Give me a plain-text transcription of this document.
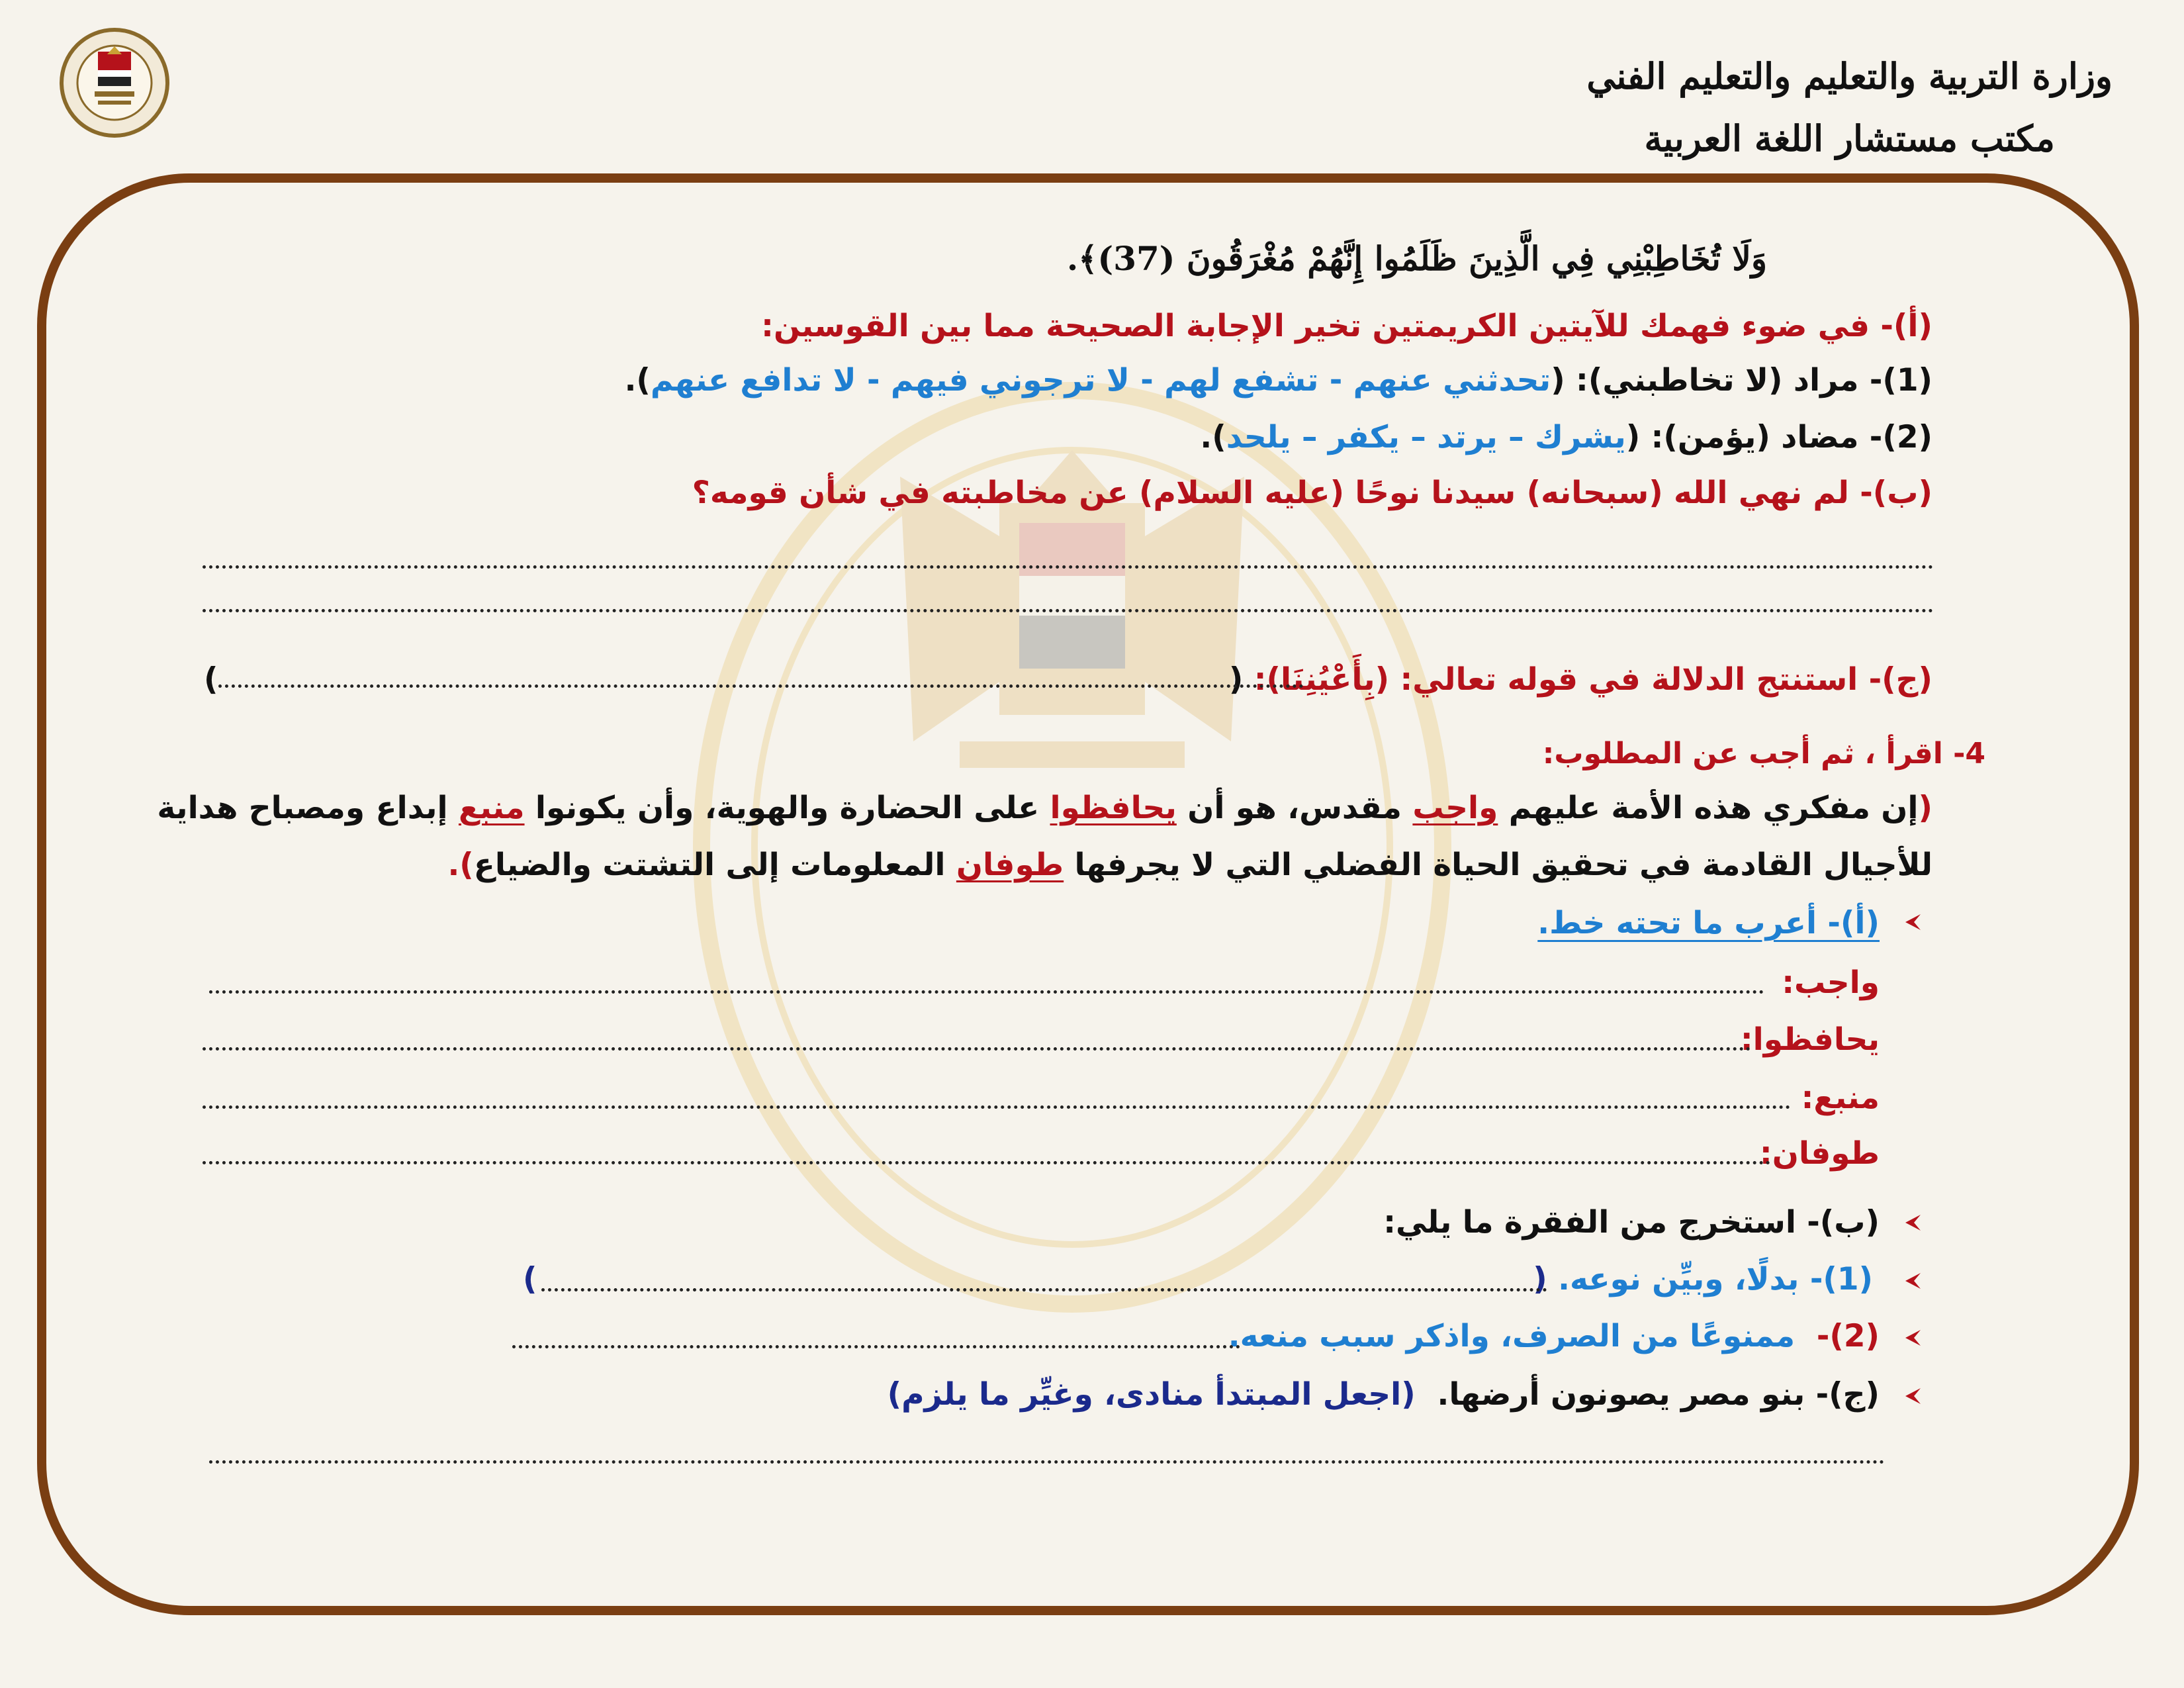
وزارة التربية والتعليم والتعليم الفني
مكتب مستشار اللغة العربية
وَلَا تُخَاطِبْنِي فِي الَّذِينَ ظَلَمُوا إِنَّهُمْ مُغْرَقُونَ (37)﴾.
(أ)- في ضوء فهمك للآيتين الكريمتين تخير الإجابة الصحيحة مما بين القوسين:
(1)- مراد (لا تخاطبني): (تحدثني عنهم - تشفع لهم - لا ترجوني فيهم - لا تدافع عنهم).
(2)- مضاد (يؤمن): (يشرك – يرتد – يكفر – يلحد).
(ب)- لم نهي الله (سبحانه) سيدنا نوحًا (عليه السلام) عن مخاطبته في شأن قومه؟
(ج)- استنتج الدلالة في قوله تعالي: (بِأَعْيُنِنَا): (
)
4- اقرأ ، ثم أجب عن المطلوب:
(إن مفكري هذه الأمة عليهم واجب مقدس، هو أن يحافظوا على الحضارة والهوية، وأن يكونوا منبع إبداع ومصباح هداية
للأجيال القادمة في تحقيق الحياة الفضلي التي لا يجرفها طوفان المعلومات إلى التشتت والضياع).
(أ)- أعرب ما تحته خط.
واجب:
يحافظوا:
منبع:
طوفان:
(ب)- استخرج من الفقرة ما يلي:
(1)- بدلًا، وبيِّن نوعه. (
)
(2)-  ممنوعًا من الصرف، واذكر سبب منعه.
(ج)- بنو مصر يصونون أرضها.  (اجعل المبتدأ منادى، وغيِّر ما يلزم)
